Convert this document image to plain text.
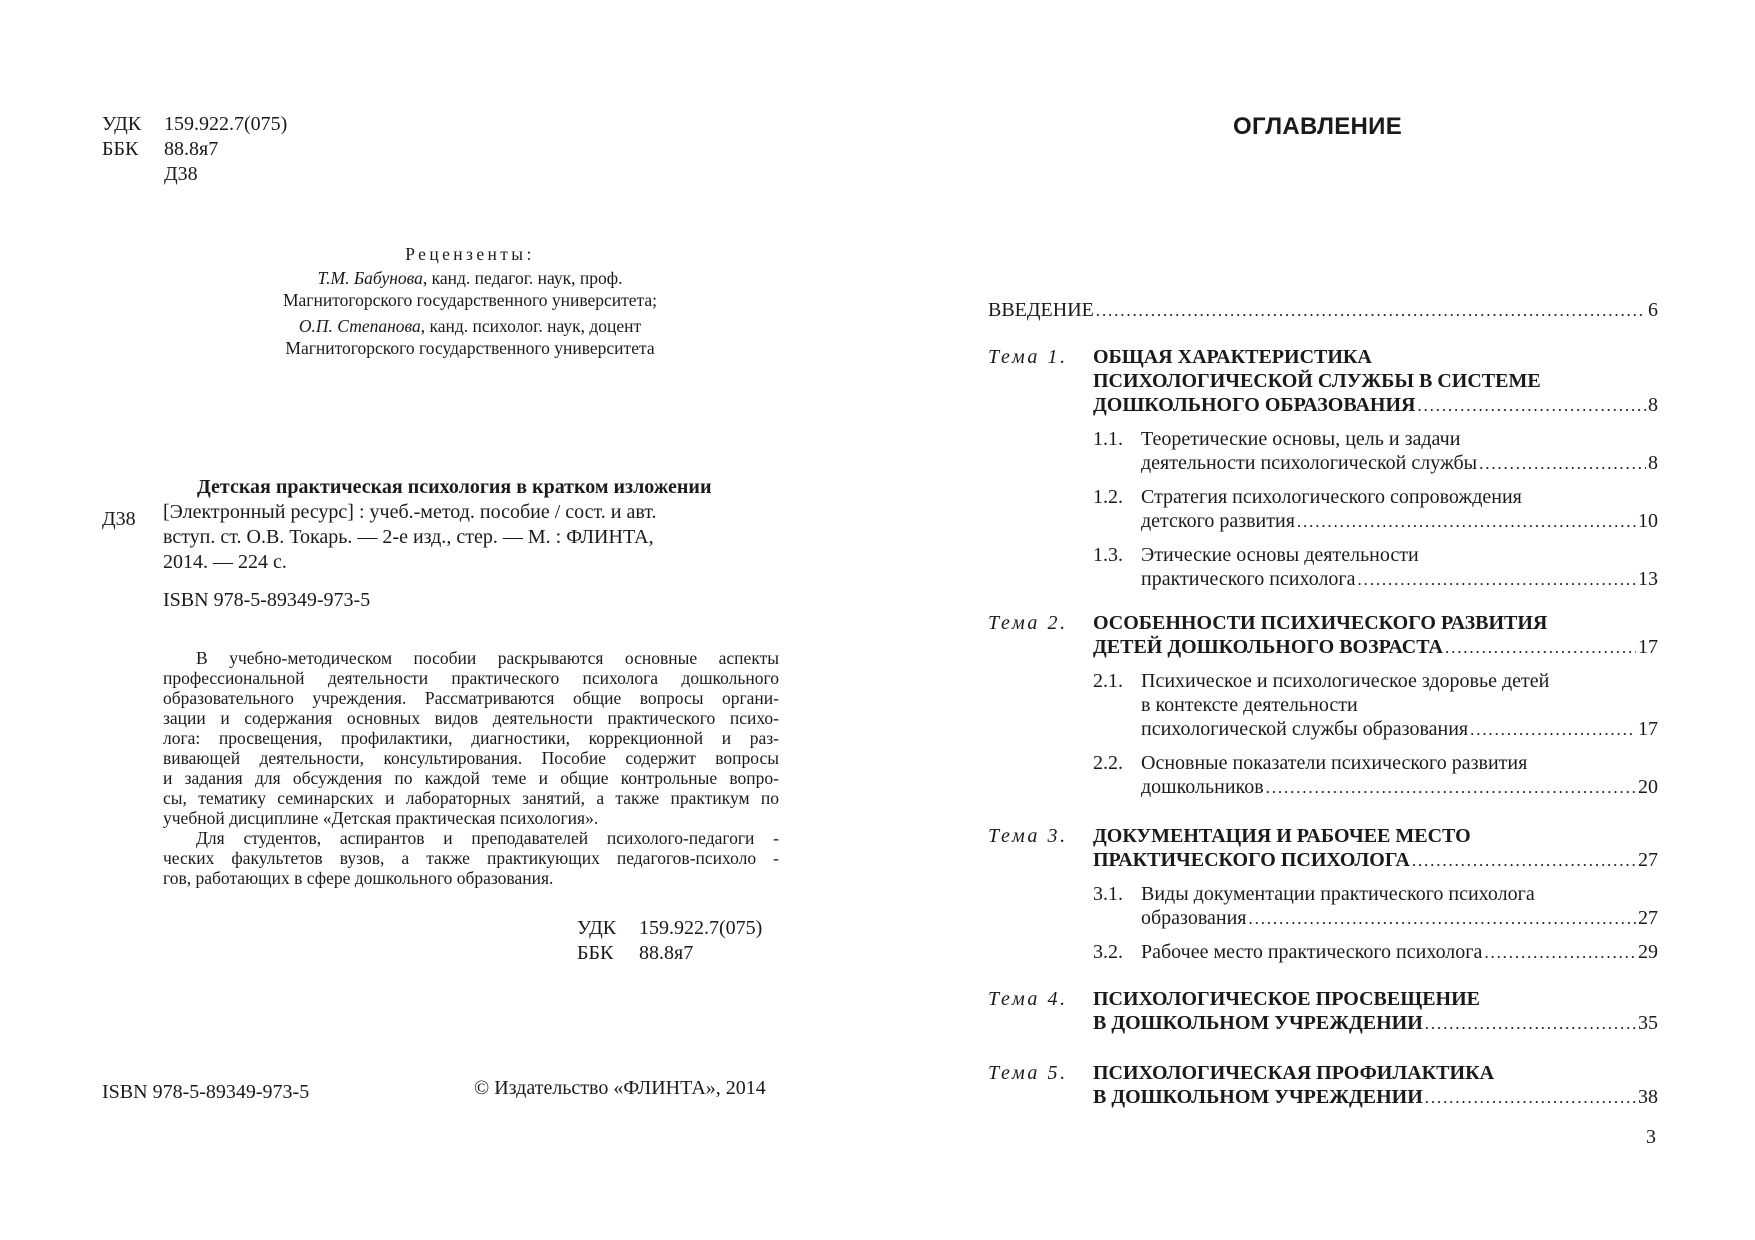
УДК	159.922.7(075)
ББК	88.8я7
Д38
Рецензенты:
Т.М. Бабунова, канд. педагог. наук, проф.
Магнитогорского государственного университета;
О.П. Степанова, канд. психолог. наук, доцент
Магнитогорского государственного университета
Д38
Детская практическая психология в кратком изложении
[Электронный ресурс] : учеб.-метод. пособие / сост. и авт.
вступ. ст. О.В. Токарь. — 2-е изд., стер. — М. : ФЛИНТА,
2014. — 224 с.
ISBN 978-5-89349-973-5
В учебно-методическом пособии раскрываются основные аспекты
профессиональной деятельности практического психолога дошкольного
образовательного учреждения. Рассматриваются общие вопросы органи-
зации и содержания основных видов деятельности практического психо-
лога: просвещения, профилактики, диагностики, коррекционной и раз-
вивающей деятельности, консультирования. Пособие содержит вопросы
и задания для обсуждения по каждой теме и общие контрольные вопро-
сы, тематику семинарских и лабораторных занятий, а также практикум по
учебной дисциплине «Детская практическая психология».
Для студентов, аспирантов и преподавателей психолого-педагоги -
ческих факультетов вузов, а также практикующих педагогов-психоло -
гов, работающих в сфере дошкольного образования.
УДК	159.922.7(075)
ББК	88.8я7
ISBN 978-5-89349-973-5	© Издательство «ФЛИНТА», 2014
ОГЛАВЛЕНИЕ
ВВЕДЕНИЕ . . .	6
Тема 1. ОБЩАЯ ХАРАКТЕРИСТИКА
ПСИХОЛОГИЧЕСКОЙ СЛУЖБЫ В СИСТЕМЕ
ДОШКОЛЬНОГО ОБРАЗОВАНИЯ . . .	8
1.1. Теоретические основы, цель и задачи
деятельности психологической службы . . .	8
1.2. Стратегия психологического сопровождения
детского развития . . .	10
1.3. Этические основы деятельности
практического психолога . . .	13
Тема 2. ОСОБЕННОСТИ ПСИХИЧЕСКОГО РАЗВИТИЯ
ДЕТЕЙ ДОШКОЛЬНОГО ВОЗРАСТА . . .	17
2.1. Психическое и психологическое здоровье детей
в контексте деятельности
психологической службы образования . . .	17
2.2. Основные показатели психического развития
дошкольников . . .	20
Тема 3. ДОКУМЕНТАЦИЯ И РАБОЧЕЕ МЕСТО
ПРАКТИЧЕСКОГО ПСИХОЛОГА . . .	27
3.1. Виды документации практического психолога
образования . . .	27
3.2. Рабочее место практического психолога . . .	29
Тема 4. ПСИХОЛОГИЧЕСКОЕ ПРОСВЕЩЕНИЕ
В ДОШКОЛЬНОМ УЧРЕЖДЕНИИ . . .	35
Тема 5. ПСИХОЛОГИЧЕСКАЯ ПРОФИЛАКТИКА
В ДОШКОЛЬНОМ УЧРЕЖДЕНИИ . . .	38
3
